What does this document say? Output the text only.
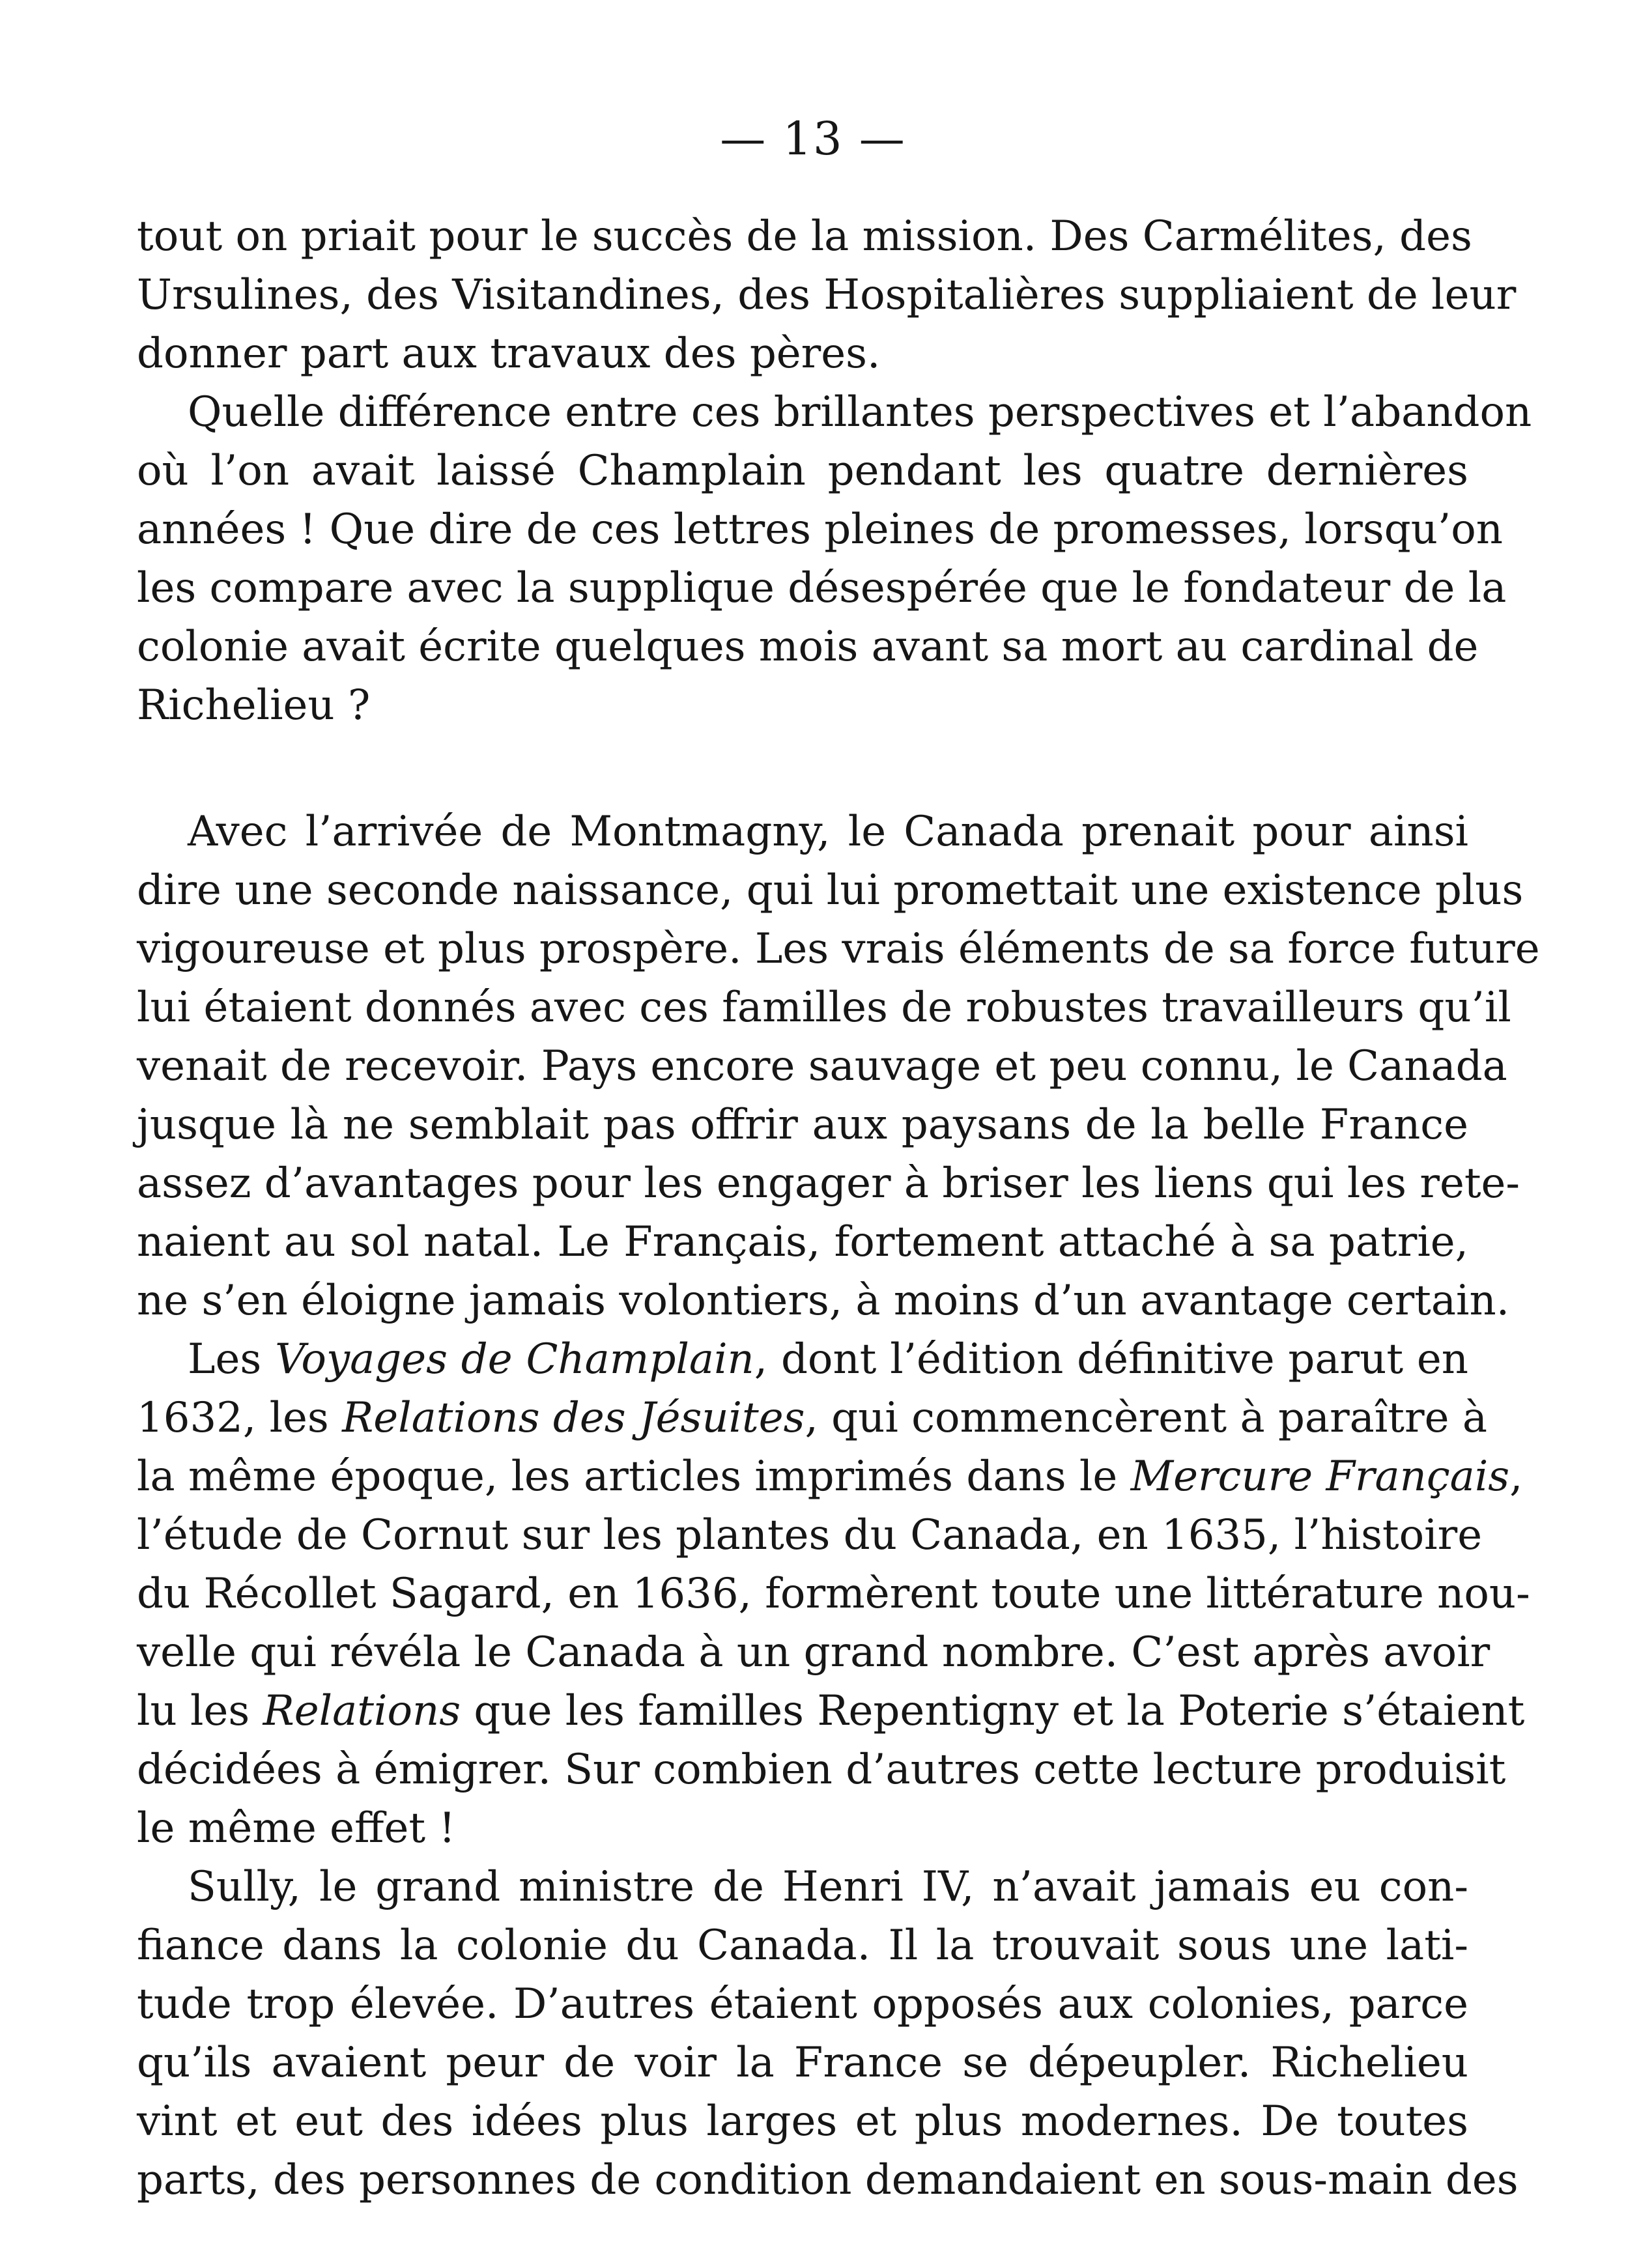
— 13 —
tout on priait pour le succès de la mission. Des Carmélites, des
Ursulines, des Visitandines, des Hospitalières suppliaient de leur
donner part aux travaux des pères.
Quelle différence entre ces brillantes perspectives et l’abandon
où l’on avait laissé Champlain pendant les quatre dernières
années ! Que dire de ces lettres pleines de promesses, lorsqu’on
les compare avec la supplique désespérée que le fondateur de la
colonie avait écrite quelques mois avant sa mort au cardinal de
Richelieu ?
Avec l’arrivée de Montmagny, le Canada prenait pour ainsi
dire une seconde naissance, qui lui promettait une existence plus
vigoureuse et plus prospère. Les vrais éléments de sa force future
lui étaient donnés avec ces familles de robustes travailleurs qu’il
venait de recevoir. Pays encore sauvage et peu connu, le Canada
jusque là ne semblait pas offrir aux paysans de la belle France
assez d’avantages pour les engager à briser les liens qui les rete-
naient au sol natal. Le Français, fortement attaché à sa patrie,
ne s’en éloigne jamais volontiers, à moins d’un avantage certain.
Les Voyages de Champlain, dont l’édition définitive parut en
1632, les Relations des Jésuites, qui commencèrent à paraître à
la même époque, les articles imprimés dans le Mercure Français,
l’étude de Cornut sur les plantes du Canada, en 1635, l’histoire
du Récollet Sagard, en 1636, formèrent toute une littérature nou-
velle qui révéla le Canada à un grand nombre. C’est après avoir
lu les Relations que les familles Repentigny et la Poterie s’étaient
décidées à émigrer. Sur combien d’autres cette lecture produisit
le même effet !
Sully, le grand ministre de Henri IV, n’avait jamais eu con-
fiance dans la colonie du Canada. Il la trouvait sous une lati-
tude trop élevée. D’autres étaient opposés aux colonies, parce
qu’ils avaient peur de voir la France se dépeupler. Richelieu
vint et eut des idées plus larges et plus modernes. De toutes
parts, des personnes de condition demandaient en sous-main des
